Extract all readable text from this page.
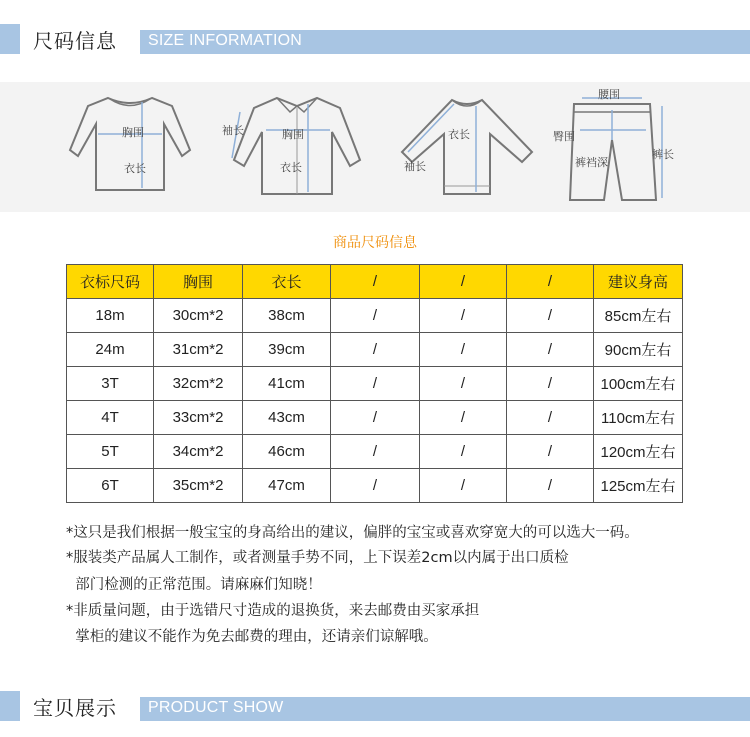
尺码信息 SIZE INFORMATION
胸围
衣长
袖长	胸围
衣长
衣长
袖长
腰围
臀围
裤裆深
裤长
商品尺码信息
衣标尺码	胸围	衣长	/	/	/	建议身高
18m	30cm*2	38cm	/	/	/	85cm左右
24m	31cm*2	39cm	/	/	/	90cm左右
3T	32cm*2	41cm	/	/	/	100cm左右
4T	33cm*2	43cm	/	/	/	110cm左右
5T	34cm*2	46cm	/	/	/	120cm左右
6T	35cm*2	47cm	/	/	/	125cm左右
*这只是我们根据一般宝宝的身高给出的建议，偏胖的宝宝或喜欢穿宽大的可以选大一码。
*服装类产品属人工制作，或者测量手势不同，上下误差2cm以内属于出口质检
部门检测的正常范围。请麻麻们知晓！
*非质量问题，由于选错尺寸造成的退换货，来去邮费由买家承担
掌柜的建议不能作为免去邮费的理由，还请亲们谅解哦。
宝贝展示 PRODUCT SHOW
